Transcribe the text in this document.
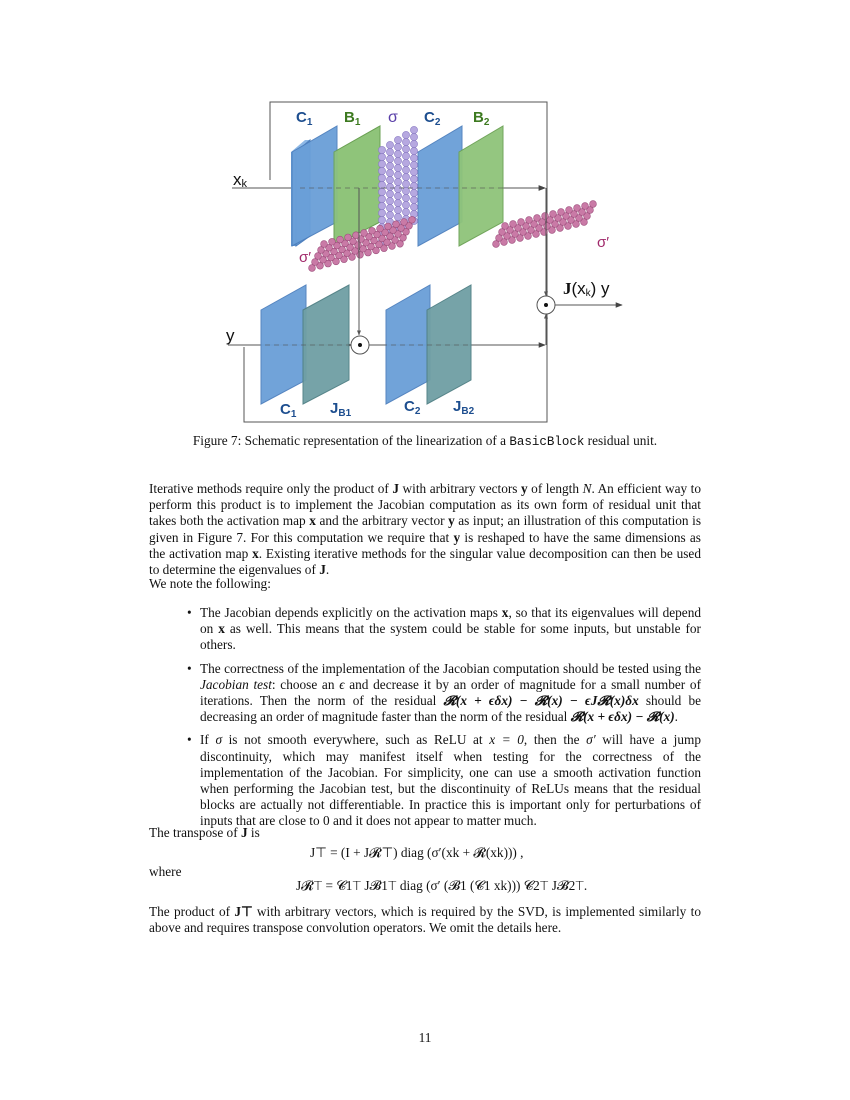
$C_1$ $B_1$ σ $C_2$ $B_2$
xk
σ′
σ′
J(xk) y
y
$C_1$ $J_{B1}$	$C_2$ $J_{B2}$
Figure 7: Schematic representation of the linearization of a BasicBlock residual unit.
Iterative methods require only the product of J with arbitrary vectors y of length N. An efficient way to perform this product is to implement the Jacobian computation as its own form of residual unit that takes both the activation map x and the arbitrary vector y as input; an illustration of this computation is given in Figure 7. For this computation we require that y is reshaped to have the same dimensions as the activation map x. Existing iterative methods for the singular value decomposition can then be used to determine the eigenvalues of J.
We note the following:
• The Jacobian depends explicitly on the activation maps x, so that its eigenvalues will depend on x as well. This means that the system could be stable for some inputs, but unstable for others.
• The correctness of the implementation of the Jacobian computation should be tested using the Jacobian test: choose an ϵ and decrease it by an order of magnitude for a small number of iterations. Then the norm of the residual 𝓡(x + ϵδx) − 𝓡(x) − ϵJ𝓡(x)δx should be decreasing an order of magnitude faster than the norm of the residual 𝓡(x + ϵδx) − 𝓡(x).
• If σ is not smooth everywhere, such as ReLU at x = 0, then the σ′ will have a jump discontinuity, which may manifest itself when testing for the correctness of the implementation of the Jacobian. For simplicity, one can use a smooth activation function when performing the Jacobian test, but the discontinuity of ReLUs means that the residual blocks are actually not differentiable. In practice this is important only for perturbations of inputs that are close to 0 and it does not appear to matter much.
The transpose of J is
J⊤ = (I + J𝓡⊤) diag (σ′(xk + 𝓡(xk))) ,
where
J𝓡⊤ = 𝓒1⊤ J𝓑1⊤ diag (σ′ (𝓑1 (𝓒1 xk))) 𝓒2⊤ J𝓑2⊤.
The product of J⊤ with arbitrary vectors, which is required by the SVD, is implemented similarly to above and requires transpose convolution operators. We omit the details here.
11
